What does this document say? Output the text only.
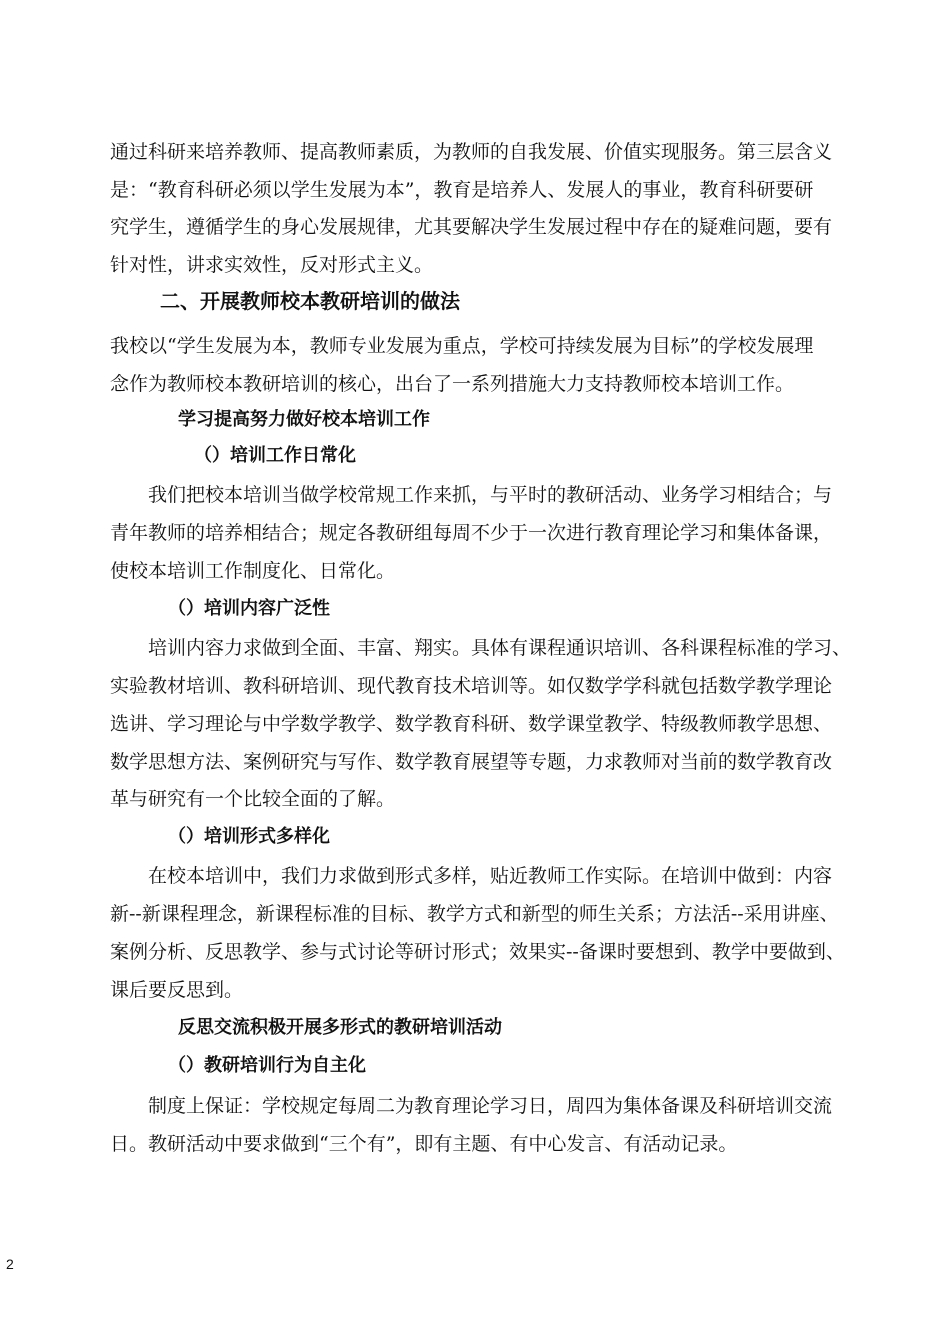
通过科研来培养教师、提高教师素质，为教师的自我发展、价值实现服务。第三层含义
是：“教育科研必须以学生发展为本”，教育是培养人、发展人的事业，教育科研要研
究学生，遵循学生的身心发展规律，尤其要解决学生发展过程中存在的疑难问题，要有
针对性，讲求实效性，反对形式主义。
二、开展教师校本教研培训的做法
我校以“学生发展为本，教师专业发展为重点，学校可持续发展为目标”的学校发展理
念作为教师校本教研培训的核心，出台了一系列措施大力支持教师校本培训工作。
学习提高努力做好校本培训工作
（）培训工作日常化
我们把校本培训当做学校常规工作来抓，与平时的教研活动、业务学习相结合；与
青年教师的培养相结合；规定各教研组每周不少于一次进行教育理论学习和集体备课，
使校本培训工作制度化、日常化。
（）培训内容广泛性
培训内容力求做到全面、丰富、翔实。具体有课程通识培训、各科课程标准的学习、
实验教材培训、教科研培训、现代教育技术培训等。如仅数学学科就包括数学教学理论
选讲、学习理论与中学数学教学、数学教育科研、数学课堂教学、特级教师教学思想、
数学思想方法、案例研究与写作、数学教育展望等专题，力求教师对当前的数学教育改
革与研究有一个比较全面的了解。
（）培训形式多样化
在校本培训中，我们力求做到形式多样，贴近教师工作实际。在培训中做到：内容
新--新课程理念，新课程标准的目标、教学方式和新型的师生关系；方法活--采用讲座、
案例分析、反思教学、参与式讨论等研讨形式；效果实--备课时要想到、教学中要做到、
课后要反思到。
反思交流积极开展多形式的教研培训活动
（）教研培训行为自主化
制度上保证：学校规定每周二为教育理论学习日，周四为集体备课及科研培训交流
日。教研活动中要求做到“三个有”，即有主题、有中心发言、有活动记录。
2
